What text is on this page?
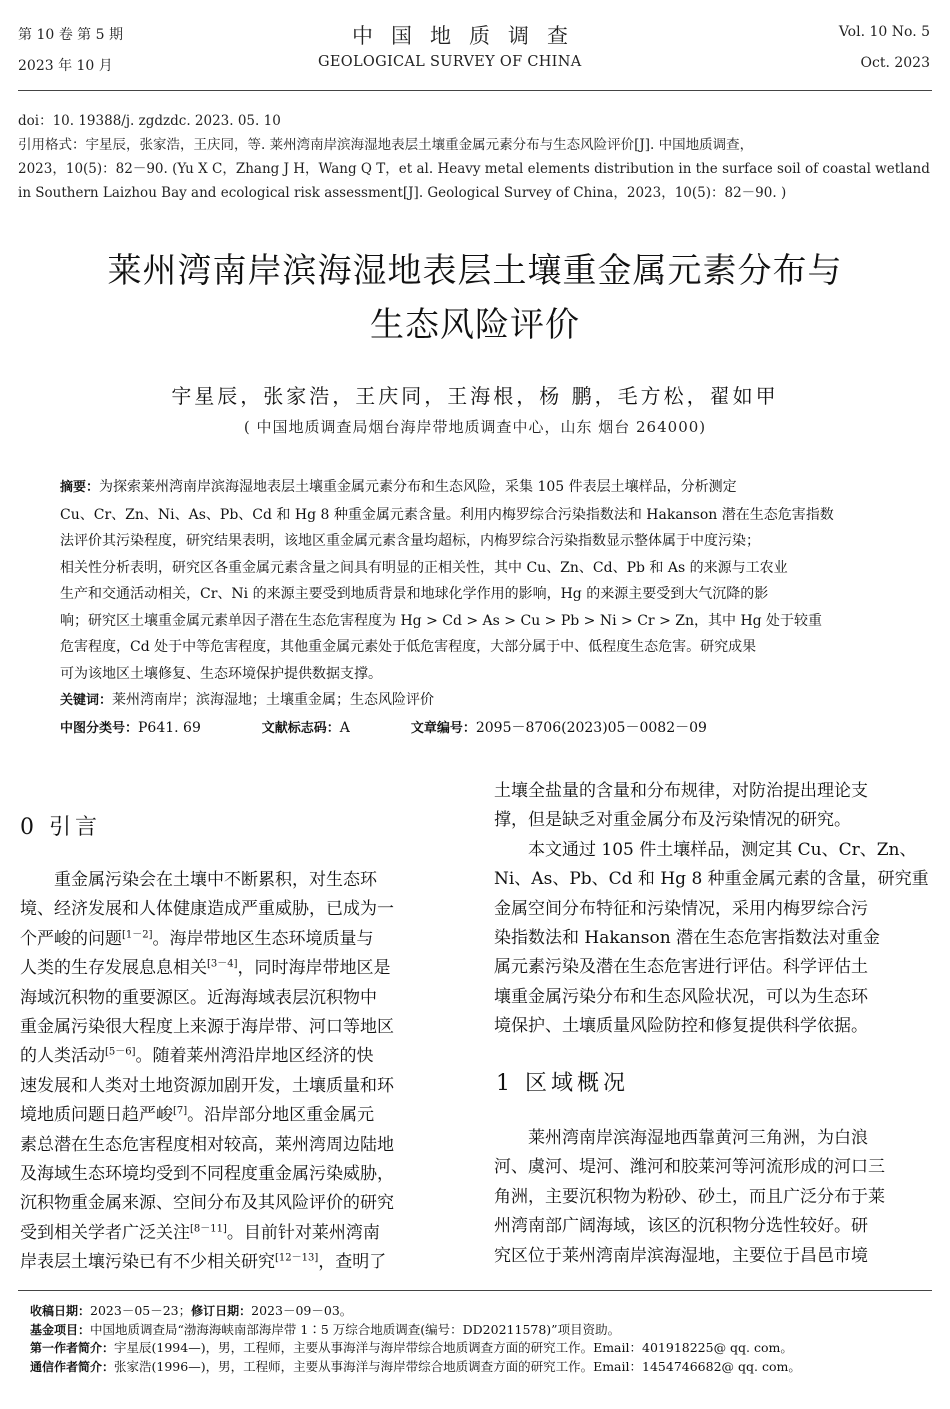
第 10 卷 第 5 期
2023 年 10 月
中国地质调查
GEOLOGICAL SURVEY OF CHINA
Vol. 10 No. 5
Oct. 2023
doi：10. 19388/j. zgdzdc. 2023. 05. 10
引用格式：宇星辰，张家浩，王庆同，等. 莱州湾南岸滨海湿地表层土壤重金属元素分布与生态风险评价[J]. 中国地质调查，
2023，10(5)：82－90. (Yu X C，Zhang J H，Wang Q T，et al. Heavy metal elements distribution in the surface soil of coastal wetland
in Southern Laizhou Bay and ecological risk assessment[J]. Geological Survey of China，2023，10(5)：82－90. )
莱州湾南岸滨海湿地表层土壤重金属元素分布与
生态风险评价
宇星辰，张家浩，王庆同，王海根，杨 鹏，毛方松，翟如甲
( 中国地质调查局烟台海岸带地质调查中心，山东 烟台 264000)
摘要：为探索莱州湾南岸滨海湿地表层土壤重金属元素分布和生态风险，采集 105 件表层土壤样品，分析测定
Cu、Cr、Zn、Ni、As、Pb、Cd 和 Hg 8 种重金属元素含量。利用内梅罗综合污染指数法和 Hakanson 潜在生态危害指数
法评价其污染程度，研究结果表明，该地区重金属元素含量均超标，内梅罗综合污染指数显示整体属于中度污染；
相关性分析表明，研究区各重金属元素含量之间具有明显的正相关性，其中 Cu、Zn、Cd、Pb 和 As 的来源与工农业
生产和交通活动相关，Cr、Ni 的来源主要受到地质背景和地球化学作用的影响，Hg 的来源主要受到大气沉降的影
响；研究区土壤重金属元素单因子潜在生态危害程度为 Hg > Cd > As > Cu > Pb > Ni > Cr > Zn，其中 Hg 处于较重
危害程度，Cd 处于中等危害程度，其他重金属元素处于低危害程度，大部分属于中、低程度生态危害。研究成果
可为该地区土壤修复、生态环境保护提供数据支撑。
关键词：莱州湾南岸；滨海湿地；土壤重金属；生态风险评价
中图分类号：P641. 69	文献标志码：A	文章编号：2095－8706(2023)05－0082－09
0 引言
重金属污染会在土壤中不断累积，对生态环
境、经济发展和人体健康造成严重威胁，已成为一
个严峻的问题[1－2]。海岸带地区生态环境质量与
人类的生存发展息息相关[3－4]，同时海岸带地区是
海域沉积物的重要源区。近海海域表层沉积物中
重金属污染很大程度上来源于海岸带、河口等地区
的人类活动[5－6]。随着莱州湾沿岸地区经济的快
速发展和人类对土地资源加剧开发，土壤质量和环
境地质问题日趋严峻[7]。沿岸部分地区重金属元
素总潜在生态危害程度相对较高，莱州湾周边陆地
及海域生态环境均受到不同程度重金属污染威胁，
沉积物重金属来源、空间分布及其风险评价的研究
受到相关学者广泛关注[8－11]。目前针对莱州湾南
岸表层土壤污染已有不少相关研究[12－13]，查明了
土壤全盐量的含量和分布规律，对防治提出理论支
撑，但是缺乏对重金属分布及污染情况的研究。
本文通过 105 件土壤样品，测定其 Cu、Cr、Zn、
Ni、As、Pb、Cd 和 Hg 8 种重金属元素的含量，研究重
金属空间分布特征和污染情况，采用内梅罗综合污
染指数法和 Hakanson 潜在生态危害指数法对重金
属元素污染及潜在生态危害进行评估。科学评估土
壤重金属污染分布和生态风险状况，可以为生态环
境保护、土壤质量风险防控和修复提供科学依据。
1 区域概况
莱州湾南岸滨海湿地西靠黄河三角洲，为白浪
河、虞河、堤河、潍河和胶莱河等河流形成的河口三
角洲，主要沉积物为粉砂、砂土，而且广泛分布于莱
州湾南部广阔海域，该区的沉积物分选性较好。研
究区位于莱州湾南岸滨海湿地，主要位于昌邑市境
收稿日期：2023－05－23；修订日期：2023－09－03。
基金项目：中国地质调查局“渤海海峡南部海岸带 1∶5 万综合地质调查(编号：DD20211578)”项目资助。
第一作者简介：宇星辰(1994—)，男，工程师，主要从事海洋与海岸带综合地质调查方面的研究工作。Email：401918225@ qq. com。
通信作者简介：张家浩(1996—)，男，工程师，主要从事海洋与海岸带综合地质调查方面的研究工作。Email：1454746682@ qq. com。
